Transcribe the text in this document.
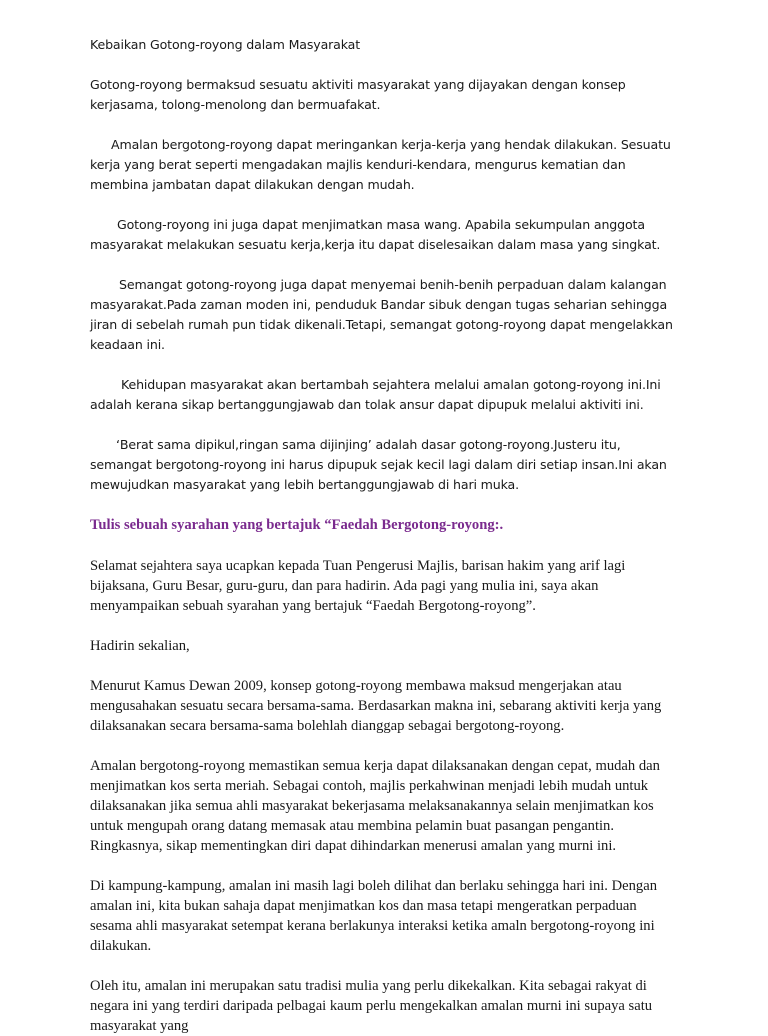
Kebaikan Gotong-royong dalam Masyarakat

Gotong-royong bermaksud sesuatu aktiviti masyarakat yang dijayakan dengan konsep kerjasama, tolong-menolong dan bermuafakat.

Amalan bergotong-royong dapat meringankan kerja-kerja yang hendak dilakukan. Sesuatu kerja yang berat seperti mengadakan majlis kenduri-kendara, mengurus kematian dan membina jambatan dapat dilakukan dengan mudah.

Gotong-royong ini juga dapat menjimatkan masa wang. Apabila sekumpulan anggota masyarakat melakukan sesuatu kerja,kerja itu dapat diselesaikan dalam masa yang singkat.

Semangat gotong-royong juga dapat menyemai benih-benih perpaduan dalam kalangan masyarakat.Pada zaman moden ini, penduduk Bandar sibuk dengan tugas seharian sehingga jiran di sebelah rumah pun tidak dikenali.Tetapi, semangat gotong-royong dapat mengelakkan keadaan ini.

Kehidupan masyarakat akan bertambah sejahtera melalui amalan gotong-royong ini.Ini adalah kerana sikap bertanggungjawab dan tolak ansur dapat dipupuk melalui aktiviti ini.

‘Berat sama dipikul,ringan sama dijinjing’ adalah dasar gotong-royong.Justeru itu, semangat bergotong-royong ini harus dipupuk sejak kecil lagi dalam diri setiap insan.Ini akan mewujudkan masyarakat yang lebih bertanggungjawab di hari muka.

Tulis sebuah syarahan yang bertajuk “Faedah Bergotong-royong:.

Selamat sejahtera saya ucapkan kepada Tuan Pengerusi Majlis, barisan hakim yang arif lagi bijaksana, Guru Besar, guru-guru, dan para hadirin. Ada pagi yang mulia ini, saya akan menyampaikan sebuah syarahan yang bertajuk “Faedah Bergotong-royong”.

Hadirin sekalian,

Menurut Kamus Dewan 2009, konsep gotong-royong membawa maksud mengerjakan atau mengusahakan sesuatu secara bersama-sama. Berdasarkan makna ini, sebarang aktiviti kerja yang dilaksanakan secara bersama-sama bolehlah dianggap sebagai bergotong-royong.

Amalan bergotong-royong memastikan semua kerja dapat dilaksanakan dengan cepat, mudah dan menjimatkan kos serta meriah. Sebagai contoh, majlis perkahwinan menjadi lebih mudah untuk dilaksanakan jika semua ahli masyarakat bekerjasama melaksanakannya selain menjimatkan kos untuk mengupah orang datang memasak atau membina pelamin buat pasangan pengantin. Ringkasnya, sikap mementingkan diri dapat dihindarkan menerusi amalan yang murni ini.

Di kampung-kampung, amalan ini masih lagi boleh dilihat dan berlaku sehingga hari ini. Dengan amalan ini, kita bukan sahaja dapat menjimatkan kos dan masa tetapi mengeratkan perpaduan sesama ahli masyarakat setempat kerana berlakunya interaksi ketika amaln bergotong-royong ini dilakukan.

Oleh itu, amalan ini merupakan satu tradisi mulia yang perlu dikekalkan. Kita sebagai rakyat di negara ini yang terdiri daripada pelbagai kaum perlu mengekalkan amalan murni ini supaya satu masyarakat yang
